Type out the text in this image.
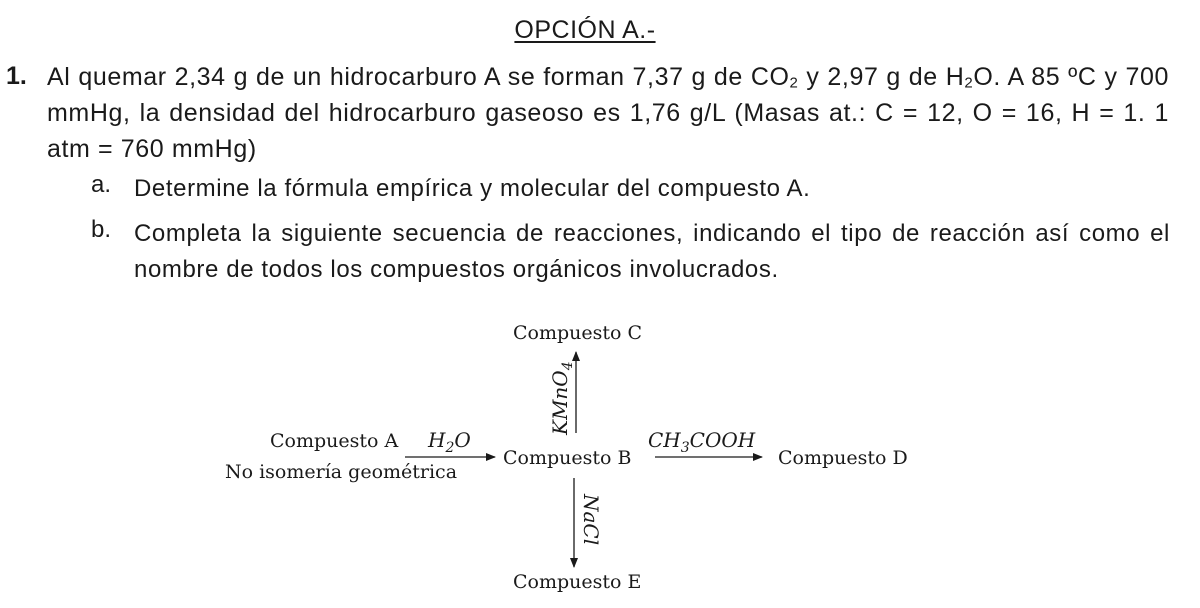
OPCIÓN A.-
1. Al quemar 2,34 g de un hidrocarburo A se forman 7,37 g de $CO_2$ y 2,97 g de $H_2O$. A 85 ºC y 700 mmHg, la densidad del hidrocarburo gaseoso es 1,76 g/L (Masas at.: C = 12, O = 16, H = 1. 1 atm = 760 mmHg)
a. Determine la fórmula empírica y molecular del compuesto A.
b. Completa la siguiente secuencia de reacciones, indicando el tipo de reacción así como el nombre de todos los compuestos orgánicos involucrados.
Compuesto C
Compuesto A
No isomería geométrica
Compuesto B	Compuesto D
Compuesto E
$H_2O$
KMnO$_4$
$CH_3COOH$
NaCl
